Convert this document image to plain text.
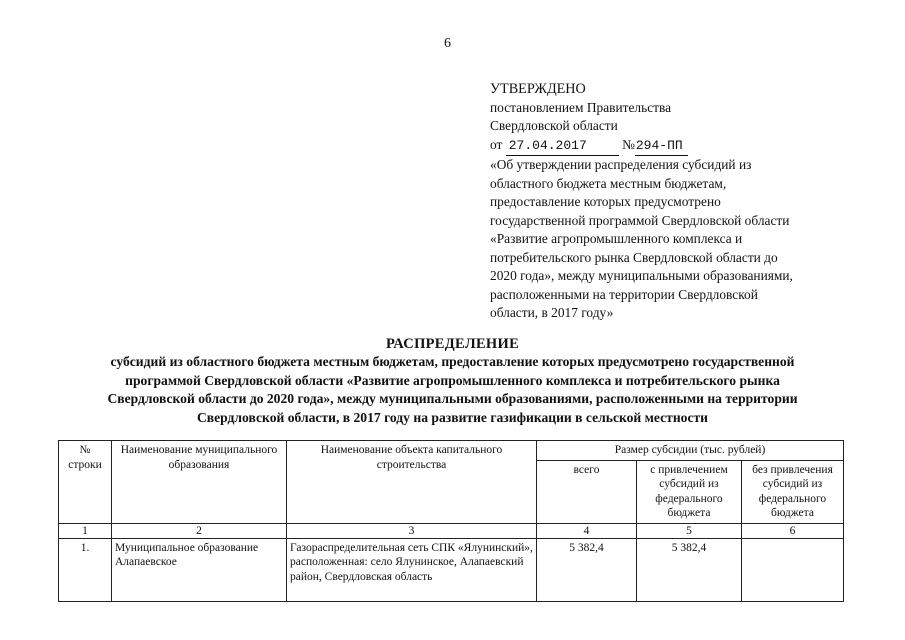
6
УТВЕРЖДЕНО
постановлением Правительства
Свердловской области
от 27.04.2017	№294-ПП
«Об утверждении распределения субсидий из
областного бюджета местным бюджетам,
предоставление которых предусмотрено
государственной программой Свердловской области
«Развитие агропромышленного комплекса и
потребительского рынка Свердловской области до
2020 года», между муниципальными образованиями,
расположенными на территории Свердловской
области, в 2017 году»
РАСПРЕДЕЛЕНИЕ
субсидий из областного бюджета местным бюджетам, предоставление которых предусмотрено государственной
программой Свердловской области «Развитие агропромышленного комплекса и потребительского рынка
Свердловской области до 2020 года», между муниципальными образованиями, расположенными на территории
Свердловской области, в 2017 году на развитие газификации в сельской местности
№ строки	Наименование муниципального образования	Наименование объекта капитального строительства	Размер субсидии (тыс. рублей)		
			всего	с привлечением субсидий из федерального бюджета	без привлечения субсидий из федерального бюджета
1	2	3	4	5	6
1.	Муниципальное образование Алапаевское	Газораспределительная сеть СПК «Ялунинский», расположенная: село Ялунинское, Алапаевский район, Свердловская область	5 382,4	5 382,4	
